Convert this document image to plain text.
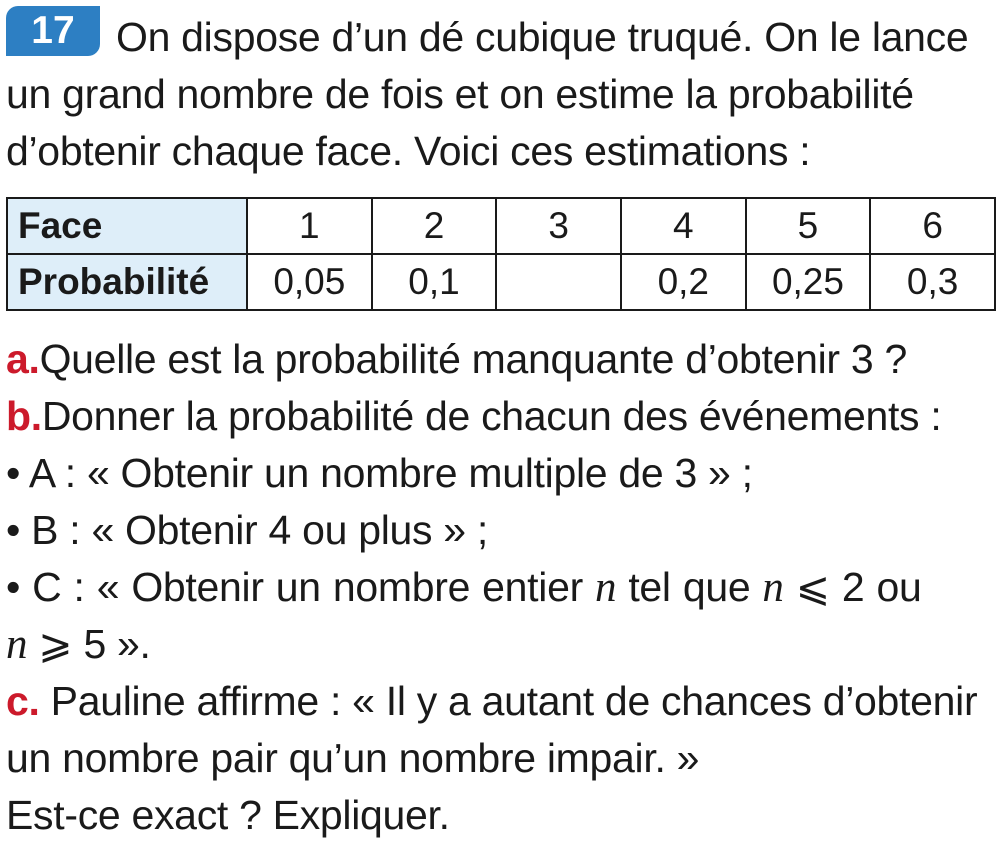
17	On dispose d’un dé cubique truqué. On le lance
un grand nombre de fois et on estime la probabilité
d’obtenir chaque face. Voici ces estimations :
Face	1	2	3	4	5	6
Probabilité	0,05	0,1		0,2	0,25	0,3
a.Quelle est la probabilité manquante d’obtenir 3 ?
b.Donner la probabilité de chacun des événements :
• A : « Obtenir un nombre multiple de 3 » ;
• B : « Obtenir 4 ou plus » ;
• C : « Obtenir un nombre entier n tel que n ⩽ 2 ou
n ⩾ 5 ».
c. Pauline affirme : « Il y a autant de chances d’obtenir
un nombre pair qu’un nombre impair. »
Est-ce exact ? Expliquer.
